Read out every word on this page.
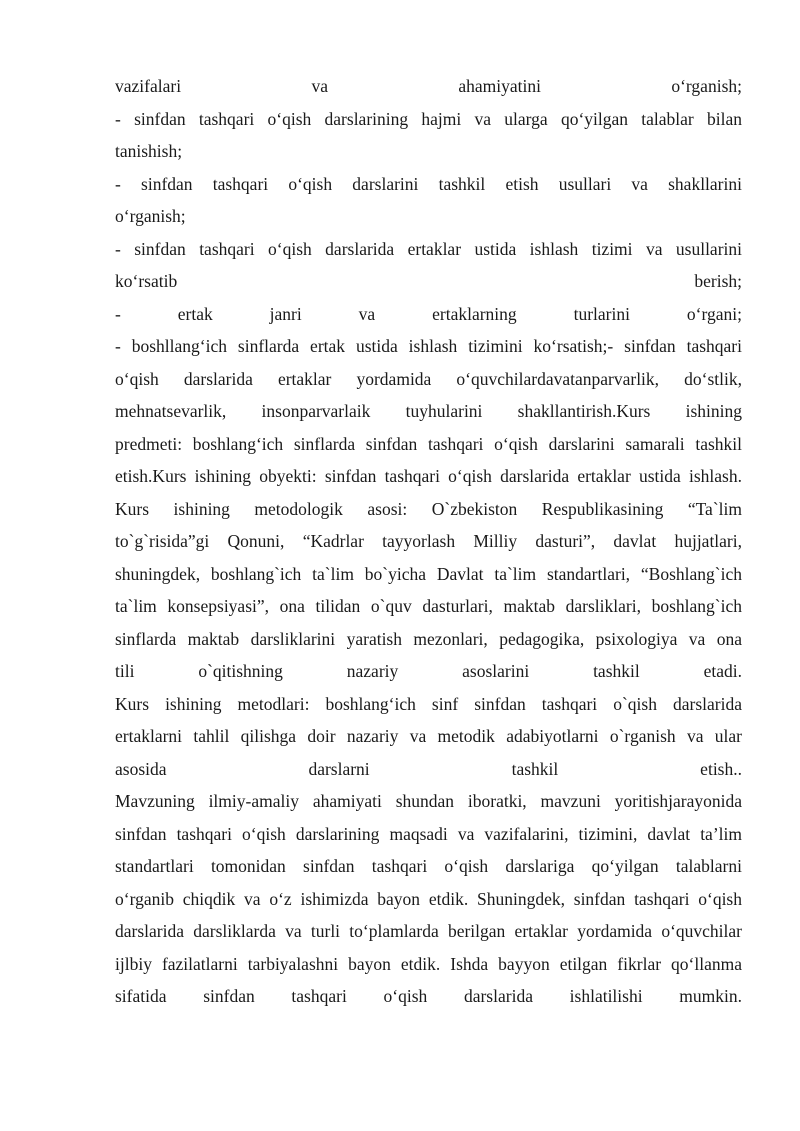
vazifalari va ahamiyatini o‘rganish;
- sinfdan tashqari o‘qish darslarining hajmi va ularga qo‘yilgan talablar bilan
tanishish;
- sinfdan tashqari o‘qish darslarini tashkil etish usullari va shakllarini
o‘rganish;
- sinfdan tashqari o‘qish darslarida ertaklar ustida ishlash tizimi va usullarini
ko‘rsatib berish;
- ertak janri va ertaklarning turlarini o‘rgani;
- boshllang‘ich sinflarda ertak ustida ishlash tizimini ko‘rsatish;- sinfdan tashqari
o‘qish darslarida ertaklar yordamida o‘quvchilardavatanparvarlik, do‘stlik,
mehnatsevarlik, insonparvarlaik tuyhularini shakllantirish.Kurs ishining
predmeti: boshlang‘ich sinflarda sinfdan tashqari o‘qish darslarini samarali tashkil
etish.Kurs ishining obyekti: sinfdan tashqari o‘qish darslarida ertaklar ustida ishlash.
Kurs ishining metodologik asosi: O`zbekiston Respublikasining “Ta`lim
to`g`risida”gi Qonuni, “Kadrlar tayyorlash Milliy dasturi”, davlat hujjatlari,
shuningdek, boshlang`ich ta`lim bo`yicha Davlat ta`lim standartlari, “Boshlang`ich
ta`lim konsepsiyasi”, ona tilidan o`quv dasturlari, maktab darsliklari, boshlang`ich
sinflarda maktab darsliklarini yaratish mezonlari, pedagogika, psixologiya va ona
tili o`qitishning nazariy asoslarini tashkil etadi.
Kurs ishining metodlari: boshlang‘ich sinf sinfdan tashqari o`qish darslarida
ertaklarni tahlil qilishga doir nazariy va metodik adabiyotlarni o`rganish va ular
asosida darslarni tashkil etish..
Mavzuning ilmiy-amaliy ahamiyati shundan iboratki, mavzuni yoritishjarayonida
sinfdan tashqari o‘qish darslarining maqsadi va vazifalarini, tizimini, davlat ta’lim
standartlari tomonidan sinfdan tashqari o‘qish darslariga qo‘yilgan talablarni
o‘rganib chiqdik va o‘z ishimizda bayon etdik. Shuningdek, sinfdan tashqari o‘qish
darslarida darsliklarda va turli to‘plamlarda berilgan ertaklar yordamida o‘quvchilar
ijlbiy fazilatlarni tarbiyalashni bayon etdik. Ishda bayyon etilgan fikrlar qo‘llanma
sifatida sinfdan tashqari o‘qish darslarida ishlatilishi mumkin.
